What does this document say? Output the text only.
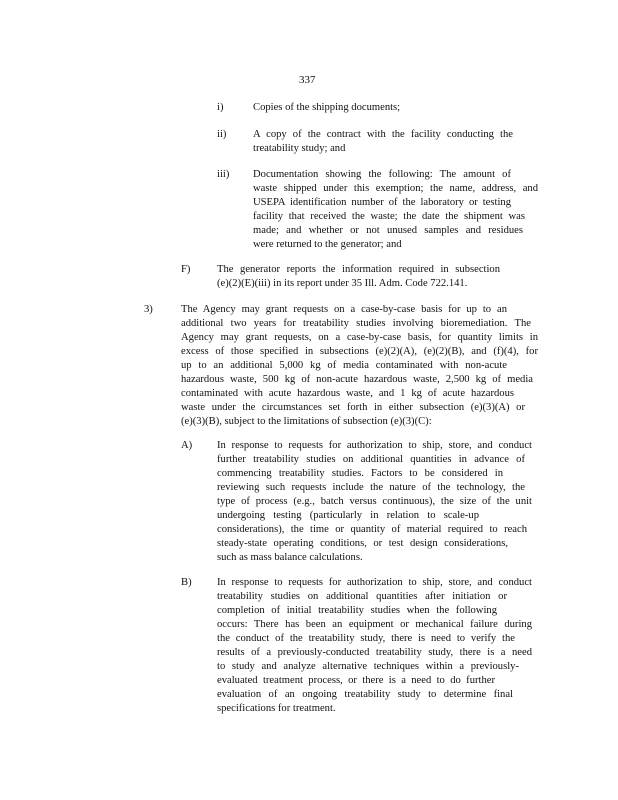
337
i)	Copies of the shipping documents;
ii)	A copy of the contract with the facility conducting the
treatability study; and
iii) Documentation showing the following: The amount of
waste shipped under this exemption; the name, address, and
USEPA identification number of the laboratory or testing
facility that received the waste; the date the shipment was
made; and whether or not unused samples and residues
were returned to the generator; and
F)	The generator reports the information required in subsection
(e)(2)(E)(iii) in its report under 35 Ill. Adm. Code 722.141.
3)	The Agency may grant requests on a case-by-case basis for up to an
additional two years for treatability studies involving bioremediation. The
Agency may grant requests, on a case-by-case basis, for quantity limits in
excess of those specified in subsections (e)(2)(A), (e)(2)(B), and (f)(4), for
up to an additional 5,000 kg of media contaminated with non-acute
hazardous waste, 500 kg of non-acute hazardous waste, 2,500 kg of media
contaminated with acute hazardous waste, and 1 kg of acute hazardous
waste under the circumstances set forth in either subsection (e)(3)(A) or
(e)(3)(B), subject to the limitations of subsection (e)(3)(C):
A) In response to requests for authorization to ship, store, and conduct
further treatability studies on additional quantities in advance of
commencing treatability studies. Factors to be considered in
reviewing such requests include the nature of the technology, the
type of process (e.g., batch versus continuous), the size of the unit
undergoing testing (particularly in relation to scale-up
considerations), the time or quantity of material required to reach
steady-state operating conditions, or test design considerations,
such as mass balance calculations.
B) In response to requests for authorization to ship, store, and conduct
treatability studies on additional quantities after initiation or
completion of initial treatability studies when the following
occurs: There has been an equipment or mechanical failure during
the conduct of the treatability study, there is need to verify the
results of a previously-conducted treatability study, there is a need
to study and analyze alternative techniques within a previously-
evaluated treatment process, or there is a need to do further
evaluation of an ongoing treatability study to determine final
specifications for treatment.
